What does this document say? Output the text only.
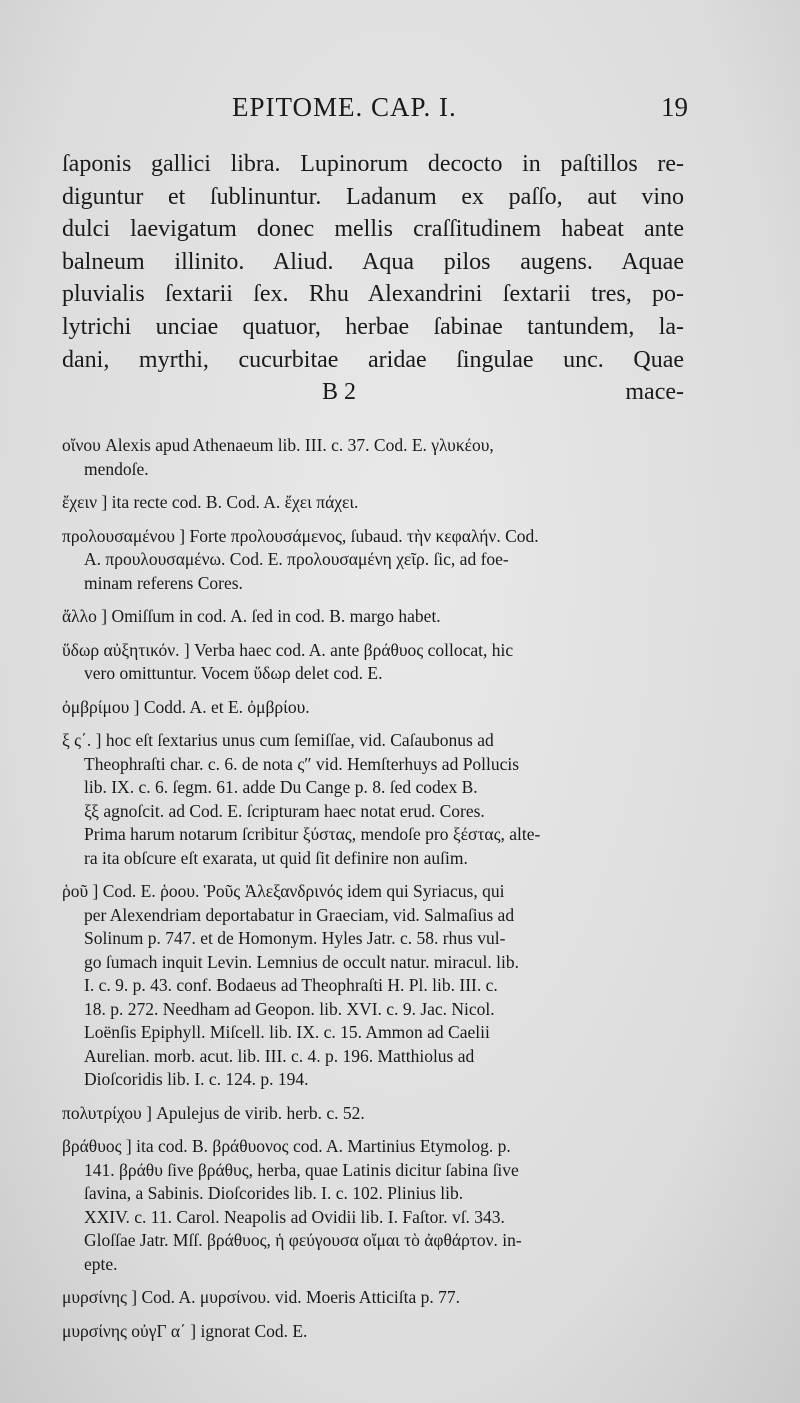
EPITOME. CAP. I.	19
ſaponis gallici libra. Lupinorum decocto in paſtillos re-
diguntur et ſublinuntur. Ladanum ex paſſo, aut vino
dulci laevigatum donec mellis craſſitudinem habeat ante
balneum illinito. Aliud. Aqua pilos augens. Aquae
pluvialis ſextarii ſex. Rhu Alexandrini ſextarii tres, po-
lytrichi unciae quatuor, herbae ſabinae tantundem, la-
dani, myrthi, cucurbitae aridae ſingulae unc. Quae
B 2	mace-
οἴνου Alexis apud Athenaeum lib. III. c. 37. Cod. E. γλυκέου,
mendoſe.
ἔχειν ] ita recte cod. B. Cod. A. ἔχει πάχει.
προλουσαμένου ] Forte προλουσάμενος, ſubaud. τὴν κεφαλήν. Cod.
A. προυλουσαμένω. Cod. E. προλουσαμένη χεῖρ. ſic, ad foe-
minam referens Cores.
ἄλλο ] Omiſſum in cod. A. ſed in cod. B. margo habet.
ὕδωρ αὐξητικόν. ] Verba haec cod. A. ante βράθυος collocat, hic
vero omittuntur. Vocem ὕδωρ delet cod. E.
ὀμβρίμου ] Codd. A. et E. ὀμβρίου.
ξ ς΄. ] hoc eſt ſextarius unus cum ſemiſſae, vid. Caſaubonus ad
Theophraſti char. c. 6. de nota ς″ vid. Hemſterhuys ad Pollucis
lib. IX. c. 6. ſegm. 61. adde Du Cange p. 8. ſed codex B.
ξξ agnoſcit. ad Cod. E. ſcripturam haec notat erud. Cores.
Prima harum notarum ſcribitur ξύστας, mendoſe pro ξέστας, alte-
ra ita obſcure eſt exarata, ut quid ſit definire non auſim.
ῥοῦ ] Cod. E. ῥοου. Ῥοῦς Ἀλεξανδρινός idem qui Syriacus, qui
per Alexendriam deportabatur in Graeciam, vid. Salmaſius ad
Solinum p. 747. et de Homonym. Hyles Jatr. c. 58. rhus vul-
go ſumach inquit Levin. Lemnius de occult natur. miracul. lib.
I. c. 9. p. 43. conf. Bodaeus ad Theophraſti H. Pl. lib. III. c.
18. p. 272. Needham ad Geopon. lib. XVI. c. 9. Jac. Nicol.
Loënſis Epiphyll. Miſcell. lib. IX. c. 15. Ammon ad Caelii
Aurelian. morb. acut. lib. III. c. 4. p. 196. Matthiolus ad
Dioſcoridis lib. I. c. 124. p. 194.
πολυτρίχου ] Apulejus de virib. herb. c. 52.
βράθυος ] ita cod. B. βράθυονος cod. A. Martinius Etymolog. p.
141. βράθυ ſive βράθυς, herba, quae Latinis dicitur ſabina ſive
ſavina, a Sabinis. Dioſcorides lib. I. c. 102. Plinius lib.
XXIV. c. 11. Carol. Neapolis ad Ovidii lib. I. Faſtor. vſ. 343.
Gloſſae Jatr. Mſſ. βράθυος, ἡ φεύγουσα οἴμαι τὸ ἀφθάρτον. in-
epte.
μυρσίνης ] Cod. A. μυρσίνου. vid. Moeris Atticiſta p. 77.
μυρσίνης οὐγΓ α΄ ] ignorat Cod. E.
